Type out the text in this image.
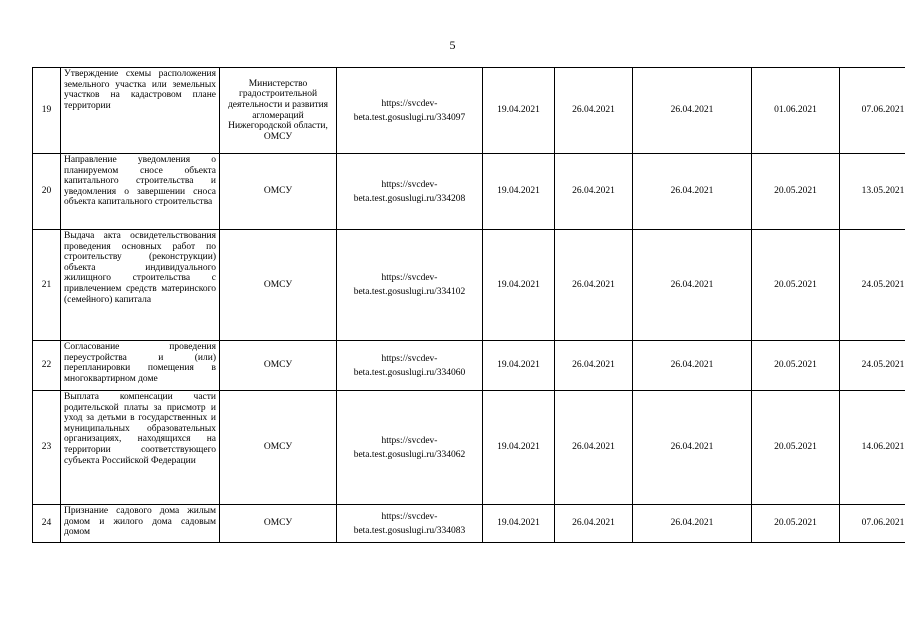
5
19	Утверждение схемы расположения земельного участка или земельных участков на кадастровом плане территории	Министерство градостроительной деятельности и развития агломераций Нижегородской области, ОМСУ	https://svcdev-beta.test.gosuslugi.ru/334097	19.04.2021	26.04.2021	26.04.2021	01.06.2021	07.06.2021
20	Направление уведомления о планируемом сносе объекта капитального строительства и уведомления о завершении сноса объекта капитального строительства	ОМСУ	https://svcdev-beta.test.gosuslugi.ru/334208	19.04.2021	26.04.2021	26.04.2021	20.05.2021	13.05.2021
21	Выдача акта освидетельствования проведения основных работ по строительству (реконструкции) объекта индивидуального жилищного строительства с привлечением средств материнского (семейного) капитала	ОМСУ	https://svcdev-beta.test.gosuslugi.ru/334102	19.04.2021	26.04.2021	26.04.2021	20.05.2021	24.05.2021
22	Согласование проведения переустройства и (или) перепланировки помещения в многоквартирном доме	ОМСУ	https://svcdev-beta.test.gosuslugi.ru/334060	19.04.2021	26.04.2021	26.04.2021	20.05.2021	24.05.2021
23	Выплата компенсации части родительской платы за присмотр и уход за детьми в государственных и муниципальных образовательных организациях, находящихся на территории соответствующего субъекта Российской Федерации	ОМСУ	https://svcdev-beta.test.gosuslugi.ru/334062	19.04.2021	26.04.2021	26.04.2021	20.05.2021	14.06.2021
24	Признание садового дома жилым домом и жилого дома садовым домом	ОМСУ	https://svcdev-beta.test.gosuslugi.ru/334083	19.04.2021	26.04.2021	26.04.2021	20.05.2021	07.06.2021
